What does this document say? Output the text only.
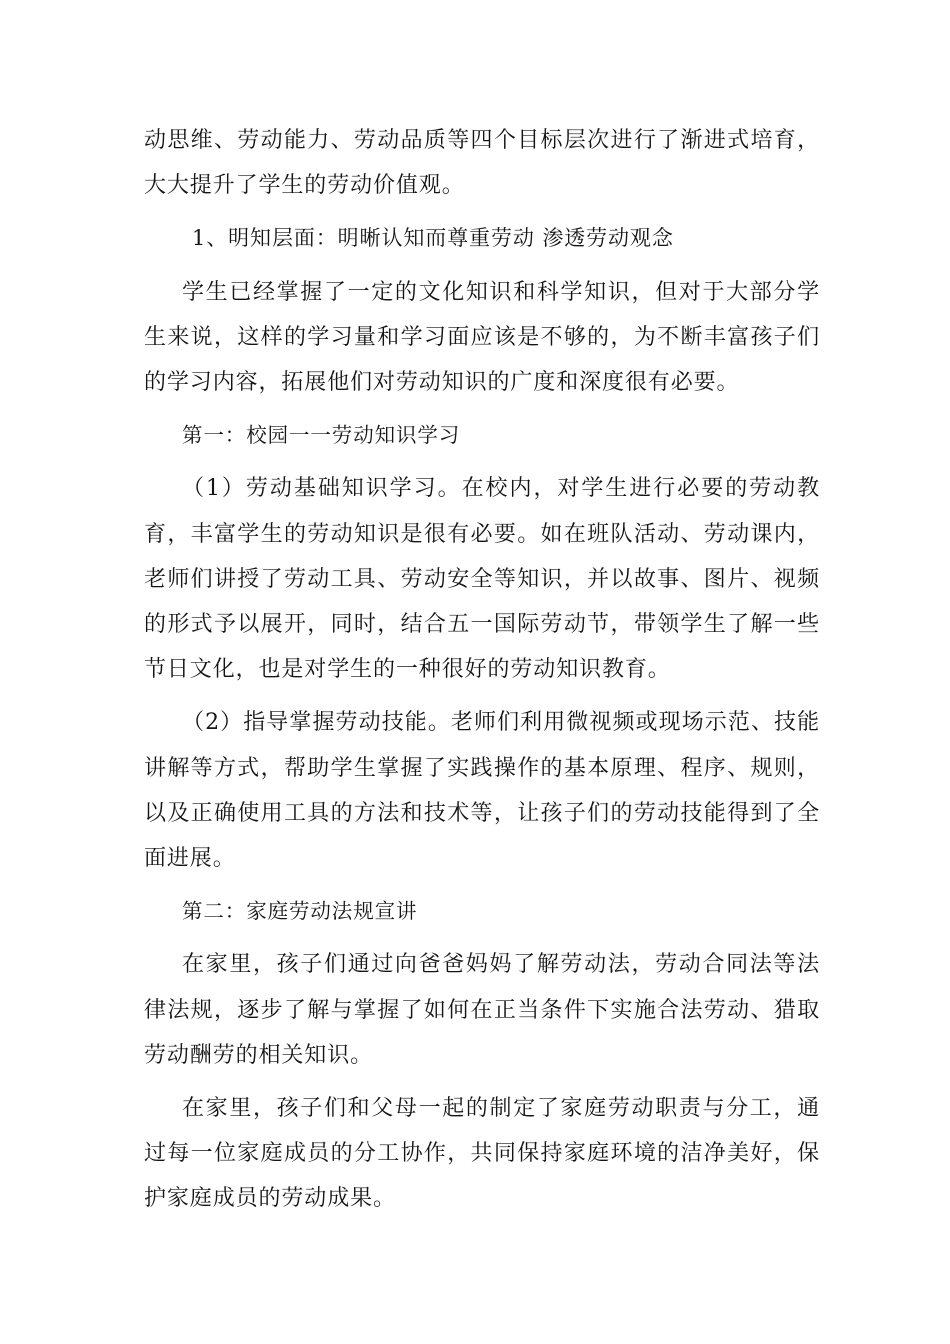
动思维、劳动能力、劳动品质等四个目标层次进行了渐进式培育，大大提升了学生的劳动价值观。

1、明知层面：明晰认知而尊重劳动 渗透劳动观念

学生已经掌握了一定的文化知识和科学知识，但对于大部分学生来说，这样的学习量和学习面应该是不够的，为不断丰富孩子们的学习内容，拓展他们对劳动知识的广度和深度很有必要。

第一：校园一一劳动知识学习

（1）劳动基础知识学习。在校内，对学生进行必要的劳动教育，丰富学生的劳动知识是很有必要。如在班队活动、劳动课内，老师们讲授了劳动工具、劳动安全等知识，并以故事、图片、视频的形式予以展开，同时，结合五一国际劳动节，带领学生了解一些节日文化，也是对学生的一种很好的劳动知识教育。

（2）指导掌握劳动技能。老师们利用微视频或现场示范、技能讲解等方式，帮助学生掌握了实践操作的基本原理、程序、规则，以及正确使用工具的方法和技术等，让孩子们的劳动技能得到了全面进展。

第二：家庭劳动法规宣讲

在家里，孩子们通过向爸爸妈妈了解劳动法，劳动合同法等法律法规，逐步了解与掌握了如何在正当条件下实施合法劳动、猎取劳动酬劳的相关知识。

在家里，孩子们和父母一起的制定了家庭劳动职责与分工，通过每一位家庭成员的分工协作，共同保持家庭环境的洁净美好，保护家庭成员的劳动成果。
